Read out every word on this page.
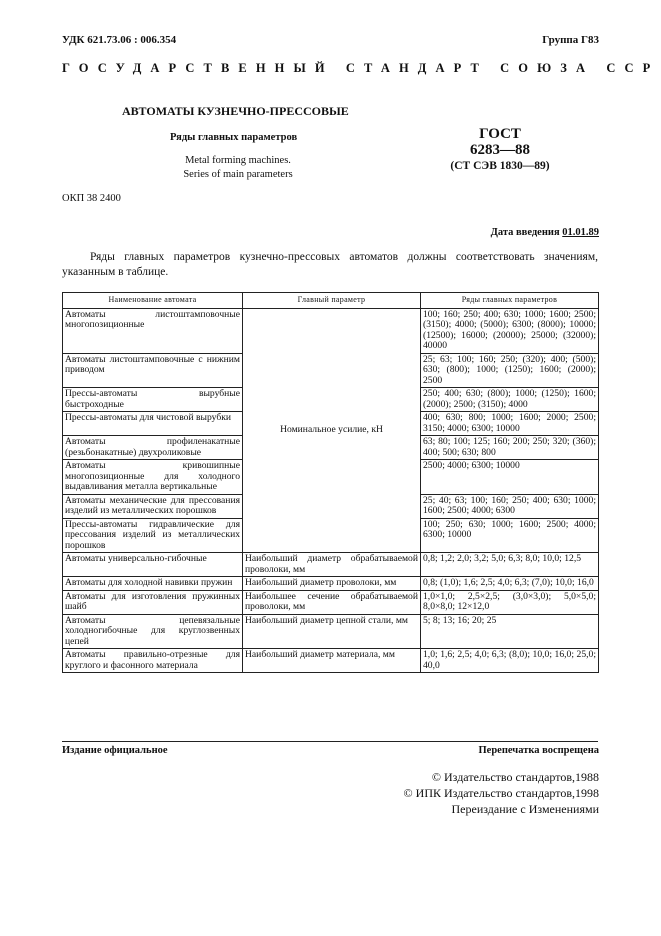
УДК 621.73.06 : 006.354	Группа Г83
ГОСУДАРСТВЕННЫЙ СТАНДАРТ СОЮЗА ССР
АВТОМАТЫ КУЗНЕЧНО-ПРЕССОВЫЕ
Ряды главных параметров
Metal forming machines.
Series of main parameters
ГОСТ
6283—88
(СТ СЭВ 1830—89)
ОКП 38 2400
Дата введения 01.01.89
Ряды главных параметров кузнечно-прессовых автоматов должны соответствовать значениям, указанным в таблице.
Наименование автомата	Главный параметр	Ряды главных параметров
Автоматы листоштамповочные многопозиционные	Номинальное усилие, кН	100; 160; 250; 400; 630; 1000; 1600; 2500; (3150); 4000; (5000); 6300; (8000); 10000; (12500); 16000; (20000); 25000; (32000); 40000
Автоматы листоштамповочные с нижним приводом		25; 63; 100; 160; 250; (320); 400; (500); 630; (800); 1000; (1250); 1600; (2000); 2500
Прессы-автоматы вырубные быстроходные		250; 400; 630; (800); 1000; (1250); 1600; (2000); 2500; (3150); 4000
Прессы-автоматы для чистовой вырубки		400; 630; 800; 1000; 1600; 2000; 2500; 3150; 4000; 6300; 10000
Автоматы профиленакатные (резьбонакатные) двухроликовые		63; 80; 100; 125; 160; 200; 250; 320; (360); 400; 500; 630; 800
Автоматы кривошипные многопозиционные для холодного выдавливания металла вертикальные		2500; 4000; 6300; 10000
Автоматы механические для прессования изделий из металлических порошков		25; 40; 63; 100; 160; 250; 400; 630; 1000; 1600; 2500; 4000; 6300
Прессы-автоматы гидравлические для прессования изделий из металлических порошков		100; 250; 630; 1000; 1600; 2500; 4000; 6300; 10000
Автоматы универсально-гибочные	Наибольший диаметр обрабатываемой проволоки, мм	0,8; 1,2; 2,0; 3,2; 5,0; 6,3; 8,0; 10,0; 12,5
Автоматы для холодной навивки пружин	Наибольший диаметр проволоки, мм	0,8; (1,0); 1,6; 2,5; 4,0; 6,3; (7,0); 10,0; 16,0
Автоматы для изготовления пружинных шайб	Наибольшее сечение обрабатываемой проволоки, мм	1,0×1,0; 2,5×2,5; (3,0×3,0); 5,0×5,0; 8,0×8,0; 12×12,0
Автоматы цепевязальные холодногибочные для круглозвенных цепей	Наибольший диаметр цепной стали, мм	5; 8; 13; 16; 20; 25
Автоматы правильно-отрезные для круглого и фасонного материала	Наибольший диаметр материала, мм	1,0; 1,6; 2,5; 4,0; 6,3; (8,0); 10,0; 16,0; 25,0; 40,0
Издание официальное	Перепечатка воспрещена
© Издательство стандартов,1988
© ИПК Издательство стандартов,1998
Переиздание с Изменениями
